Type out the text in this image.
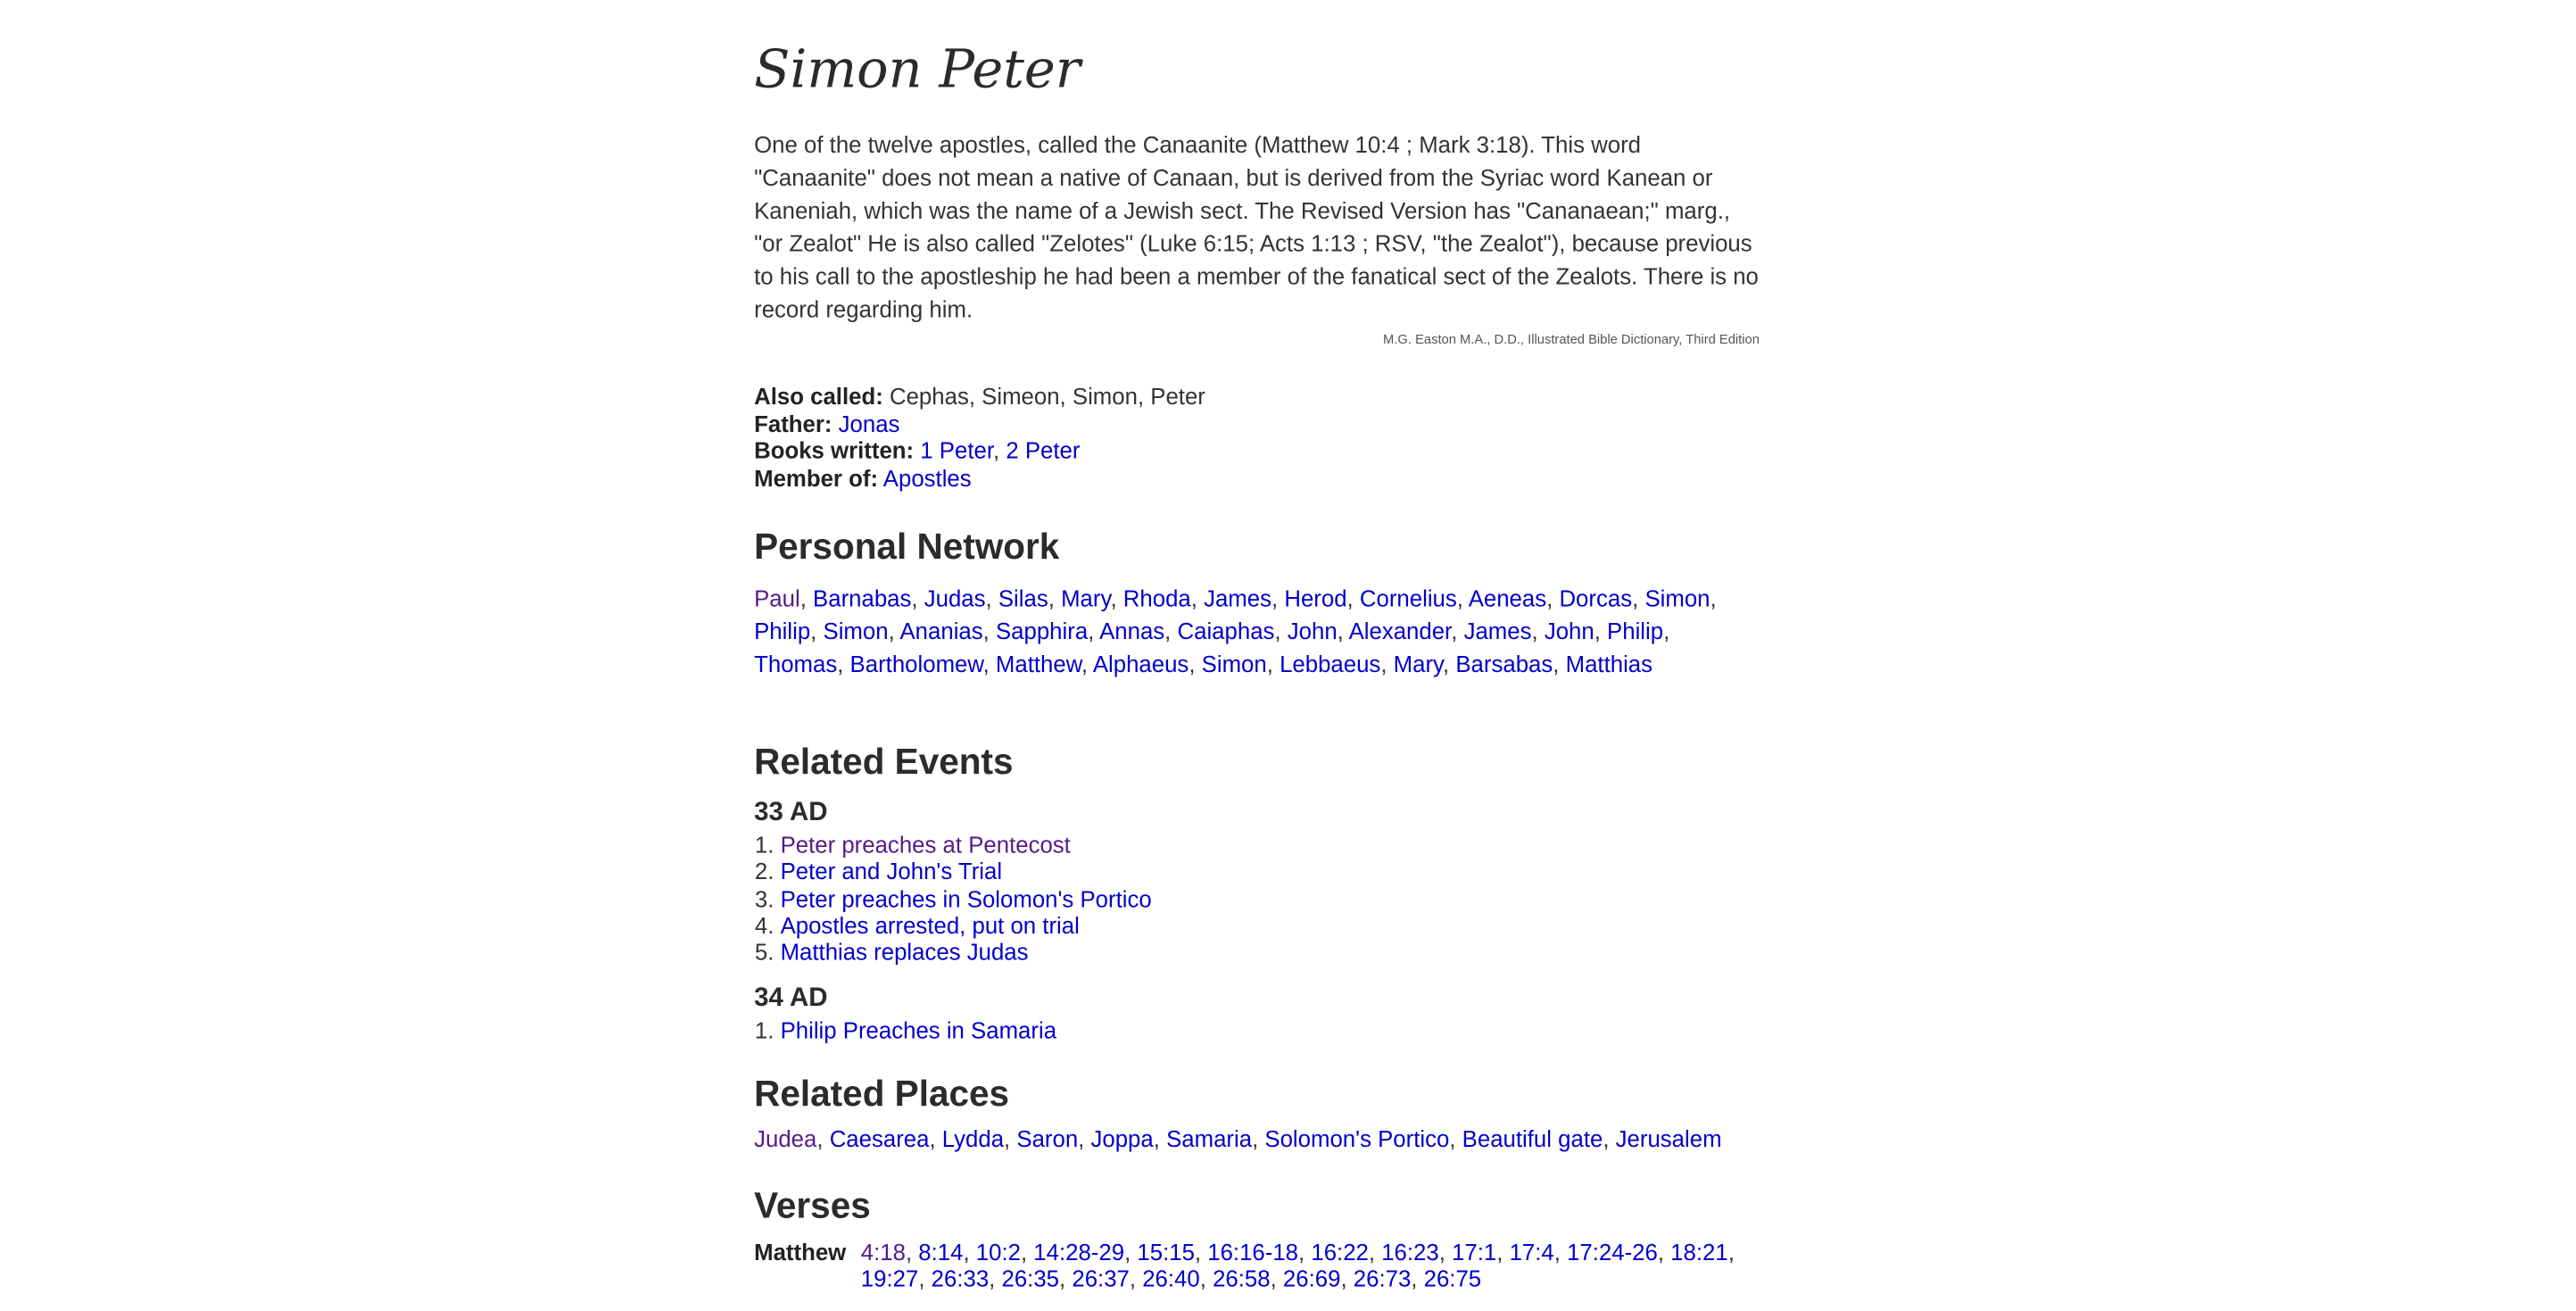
Simon Peter

One of the twelve apostles, called the Canaanite (Matthew 10:4 ; Mark 3:18). This word "Canaanite" does not mean a native of Canaan, but is derived from the Syriac word Kanean or Kaneniah, which was the name of a Jewish sect. The Revised Version has "Cananaean;" marg., "or Zealot" He is also called "Zelotes" (Luke 6:15; Acts 1:13 ; RSV, "the Zealot"), because previous to his call to the apostleship he had been a member of the fanatical sect of the Zealots. There is no record regarding him.

M.G. Easton M.A., D.D., Illustrated Bible Dictionary, Third Edition
Also called: Cephas, Simeon, Simon, Peter
Father: Jonas
Books written: 1 Peter, 2 Peter
Member of: Apostles
Personal Network
Paul, Barnabas, Judas, Silas, Mary, Rhoda, James, Herod, Cornelius, Aeneas, Dorcas, Simon, Philip, Simon, Ananias, Sapphira, Annas, Caiaphas, John, Alexander, James, John, Philip, Thomas, Bartholomew, Matthew, Alphaeus, Simon, Lebbaeus, Mary, Barsabas, Matthias
Related Events
33 AD
1. Peter preaches at Pentecost
2. Peter and John's Trial
3. Peter preaches in Solomon's Portico
4. Apostles arrested, put on trial
5. Matthias replaces Judas
34 AD
1. Philip Preaches in Samaria
Related Places
Judea, Caesarea, Lydda, Saron, Joppa, Samaria, Solomon's Portico, Beautiful gate, Jerusalem
Verses
Matthew	4:18, 8:14, 10:2, 14:28-29, 15:15, 16:16-18, 16:22, 16:23, 17:1, 17:4, 17:24-26, 18:21, 19:27, 26:33, 26:35, 26:37, 26:40, 26:58, 26:69, 26:73, 26:75
